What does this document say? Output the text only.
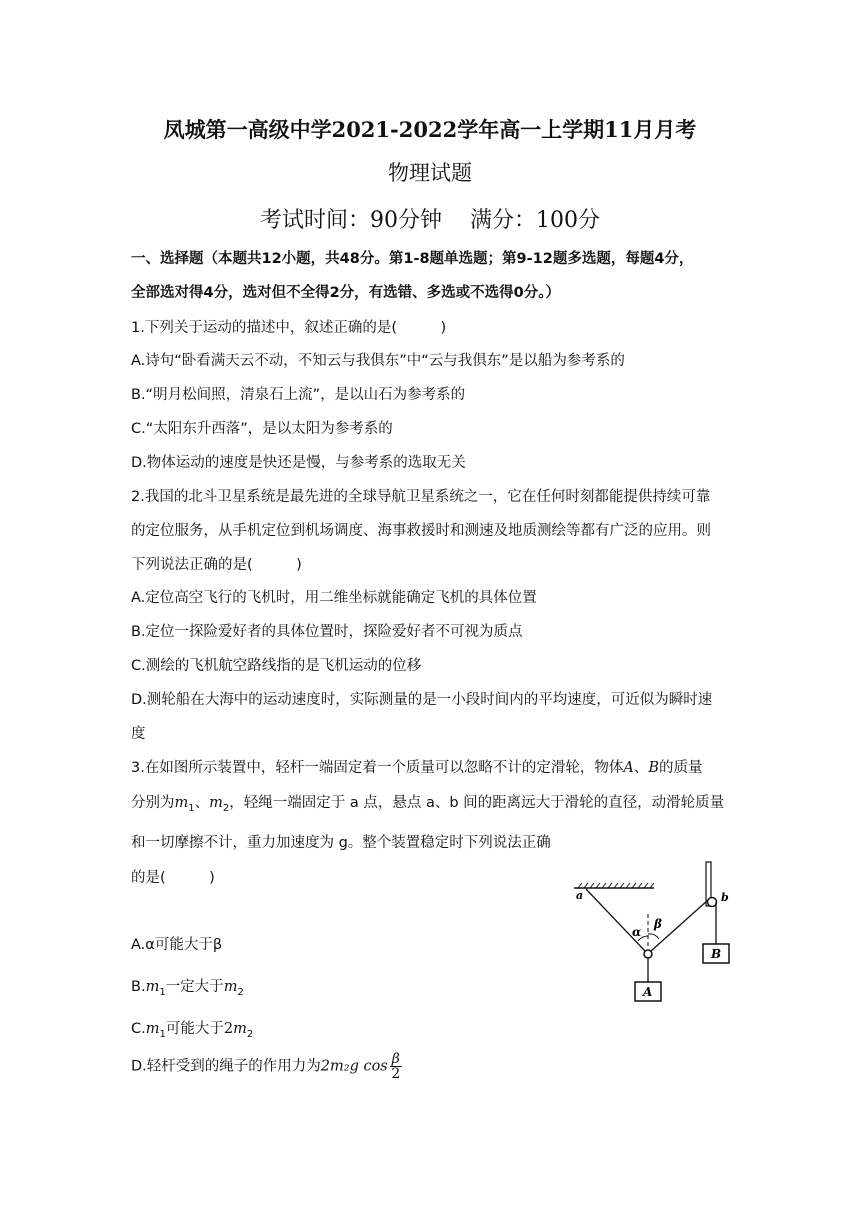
凤城第一高级中学2021-2022学年高一上学期11月月考
物理试题
考试时间：90分钟    满分：100分
一、选择题（本题共12小题，共48分。第1-8题单选题；第9-12题多选题，每题4分，
全部选对得4分，选对但不全得2分，有选错、多选或不选得0分。）
1.下列关于运动的描述中，叙述正确的是(　　　)
A.诗句“卧看满天云不动，不知云与我俱东”中“云与我俱东”是以船为参考系的
B.“明月松间照，清泉石上流”，是以山石为参考系的
C.“太阳东升西落”，是以太阳为参考系的
D.物体运动的速度是快还是慢，与参考系的选取无关
2.我国的北斗卫星系统是最先进的全球导航卫星系统之一，它在任何时刻都能提供持续可靠
的定位服务，从手机定位到机场调度、海事救援时和测速及地质测绘等都有广泛的应用。则
下列说法正确的是(　　　)
A.定位高空飞行的飞机时，用二维坐标就能确定飞机的具体位置
B.定位一探险爱好者的具体位置时，探险爱好者不可视为质点
C.测绘的飞机航空路线指的是飞机运动的位移
D.测轮船在大海中的运动速度时，实际测量的是一小段时间内的平均速度，可近似为瞬时速
度
3.在如图所示装置中，轻杆一端固定着一个质量可以忽略不计的定滑轮，物体A、B的质量
分别为$m_1$、$m_2$，轻绳一端固定于 a 点，悬点 a、b 间的距离远大于滑轮的直径，动滑轮质量
和一切摩擦不计，重力加速度为 g。整个装置稳定时下列说法正确
的是(　　　)
A.α可能大于β
$B.m_1$一定大于$m_2$
$C.m_1$可能大于$2m_2$
D.轻杆受到的绳子的作用力为2m₂g $\cos \frac{\beta}{2}$
a	b
α
β
A
B
